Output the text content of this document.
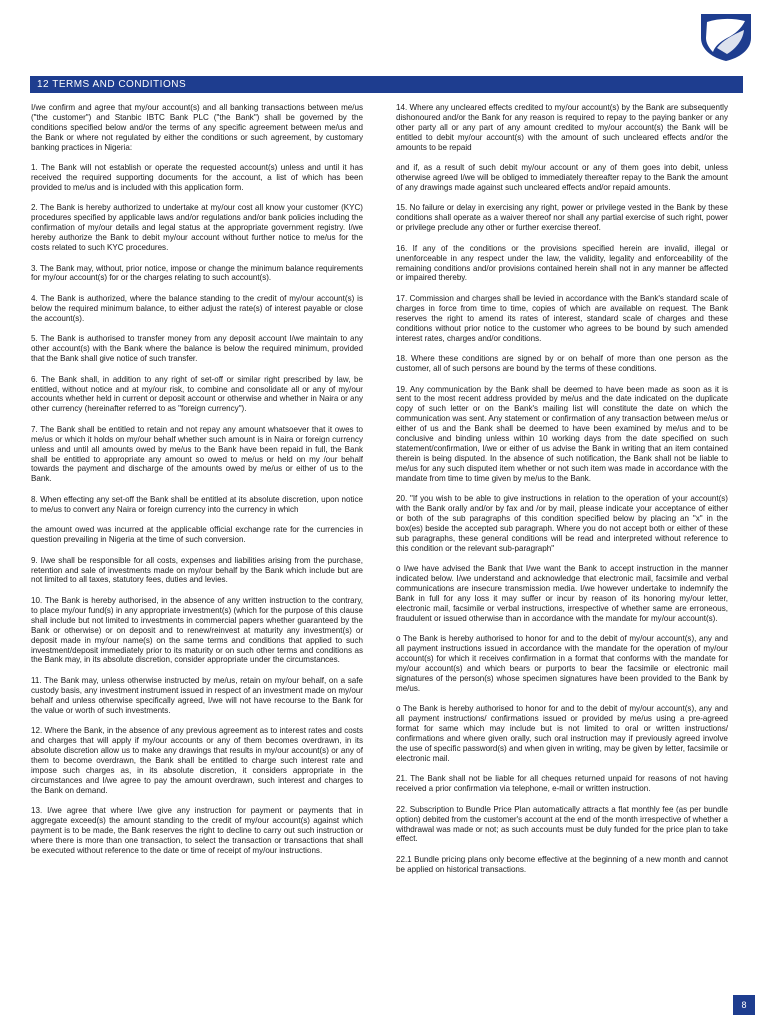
12 TERMS AND CONDITIONS

I/we confirm and agree that my/our account(s) and all banking transactions between me/us ("the customer") and Stanbic IBTC Bank PLC ("the Bank") shall be governed by the conditions specified below and/or the terms of any specific agreement between me/us and the Bank or where not regulated by either the conditions or such agreement, by customary banking practices in Nigeria:

1. The Bank will not establish or operate the requested account(s) unless and until it has received the required supporting documents for the account, a list of which has been provided to me/us and is included with this application form.

2. The Bank is hereby authorized to undertake at my/our cost all know your customer (KYC) procedures specified by applicable laws and/or regulations and/or bank policies including the confirmation of my/our details and legal status at the appropriate government registry. I/we hereby authorize the Bank to debit my/our account without further notice to me/us for the costs related to such KYC procedures.

3. The Bank may, without, prior notice, impose or change the minimum balance requirements for my/our account(s) for or the charges relating to such account(s).

4. The Bank is authorized, where the balance standing to the credit of my/our account(s) is below the required minimum balance, to either adjust the rate(s) of interest payable or close the account(s).

5. The Bank is authorised to transfer money from any deposit account I/we maintain to any other account(s) with the Bank where the balance is below the required minimum, provided that the Bank shall give notice of such transfer.

6. The Bank shall, in addition to any right of set-off or similar right prescribed by law, be entitled, without notice and at my/our risk, to combine and consolidate all or any of my/our accounts whether held in current or deposit account or otherwise and whether in Naira or any other currency (hereinafter referred to as "foreign currency").

7. The Bank shall be entitled to retain and not repay any amount whatsoever that it owes to me/us or which it holds on my/our behalf whether such amount is in Naira or foreign currency unless and until all amounts owed by me/us to the Bank have been repaid in full, the Bank shall be entitled to appropriate any amount so owed to me/us or held on my /our behalf towards the payment and discharge of the amounts owed by me/us or either of us to the Bank.

8. When effecting any set-off the Bank shall be entitled at its absolute discretion, upon notice to me/us to convert any Naira or foreign currency into the currency in which

the amount owed was incurred at the applicable official exchange rate for the currencies in question prevailing in Nigeria at the time of such conversion.

9. I/we shall be responsible for all costs, expenses and liabilities arising from the purchase, retention and sale of investments made on my/our behalf by the Bank which include but are not limited to all taxes, statutory fees, duties and levies.

10. The Bank is hereby authorised, in the absence of any written instruction to the contrary, to place my/our fund(s) in any appropriate investment(s) (which for the purpose of this clause shall include but not limited to investments in commercial papers whether guaranteed by the Bank or otherwise) or on deposit and to renew/reinvest at maturity any investment(s) or deposit made in my/our name(s) on the same terms and conditions that applied to such investment/deposit immediately prior to its maturity or on such other terms and conditions as the Bank may, in its absolute discretion, consider appropriate under the circumstances.

11. The Bank may, unless otherwise instructed by me/us, retain on my/our behalf, on a safe custody basis, any investment instrument issued in respect of an investment made on my/our behalf and unless otherwise specifically agreed, I/we will not have recourse to the Bank for the value or worth of such investments.

12. Where the Bank, in the absence of any previous agreement as to interest rates and costs and charges that will apply if my/our accounts or any of them becomes overdrawn, in its absolute discretion allow us to make any drawings that results in my/our account(s) or any of them to become overdrawn, the Bank shall be entitled to charge such interest rate and impose such charges as, in its absolute discretion, it considers appropriate in the circumstances and I/we agree to pay the amount overdrawn, such interest and charges to the Bank on demand.

13. I/we agree that where I/we give any instruction for payment or payments that in aggregate exceed(s) the amount standing to the credit of my/our account(s) against which payment is to be made, the Bank reserves the right to decline to carry out such instruction or where there is more than one transaction, to select the transaction or transactions that shall be executed without reference to the date or time of receipt of my/our instructions.

14. Where any uncleared effects credited to my/our account(s) by the Bank are subsequently dishonoured and/or the Bank for any reason is required to repay to the paying banker or any other party all or any part of any amount credited to my/our account(s) the Bank will be entitled to debit my/our account(s) with the amount of such uncleared effects and/or the amounts to be repaid

and if, as a result of such debit my/our account or any of them goes into debit, unless otherwise agreed I/we will be obliged to immediately thereafter repay to the Bank the amount of any drawings made against such uncleared effects and/or repaid amounts.

15. No failure or delay in exercising any right, power or privilege vested in the Bank by these conditions shall operate as a waiver thereof nor shall any partial exercise of such right, power or privilege preclude any other or further exercise thereof.

16. If any of the conditions or the provisions specified herein are invalid, illegal or unenforceable in any respect under the law, the validity, legality and enforceability of the remaining conditions and/or provisions contained herein shall not in any manner be affected or impaired thereby.

17. Commission and charges shall be levied in accordance with the Bank's standard scale of charges in force from time to time, copies of which are available on request. The Bank reserves the right to amend its rates of interest, standard scale of charges and these conditions without prior notice to the customer who agrees to be bound by such amended interest rates, charges and/or conditions.

18. Where these conditions are signed by or on behalf of more than one person as the customer, all of such persons are bound by the terms of these conditions.

19. Any communication by the Bank shall be deemed to have been made as soon as it is sent to the most recent address provided by me/us and the date indicated on the duplicate copy of such letter or on the Bank's mailing list will constitute the date on which the communication was sent. Any statement or confirmation of any transaction between me/us or either of us and the Bank shall be deemed to have been examined by me/us and to be conclusive and binding unless within 10 working days from the date specified on such statement/confirmation, I/we or either of us advise the Bank in writing that an item contained therein is being disputed. In the absence of such notification, the Bank shall not be liable to me/us for any such disputed item whether or not such item was made in accordance with the mandate from time to time given by me/us to the Bank.

20. "If you wish to be able to give instructions in relation to the operation of your account(s) with the Bank orally and/or by fax and /or by mail, please indicate your acceptance of either or both of the sub paragraphs of this condition specified below by placing an "x" in the box(es) beside the accepted sub paragraph. Where you do not accept both or either of these sub paragraphs, these general conditions will be read and interpreted without reference to this condition or the relevant sub-paragraph"

o I/we have advised the Bank that I/we want the Bank to accept instruction in the manner indicated below. I/we understand and acknowledge that electronic mail, facsimile and verbal communications are insecure transmission media. I/we however undertake to indemnify the Bank in full for any loss it may suffer or incur by reason of its honoring my/our letter, electronic mail, facsimile or verbal instructions, irrespective of whether same are erroneous, fraudulent or issued otherwise than in accordance with the mandate for my/our account(s).

o The Bank is hereby authorised to honor for and to the debit of my/our account(s), any and all payment instructions issued in accordance with the mandate for the operation of my/our account(s) for which it receives confirmation in a format that conforms with the mandate for my/our account(s) and which bears or purports to bear the facsimile or electronic mail signatures of the person(s) whose specimen signatures have been provided to the Bank by me/us.

o The Bank is hereby authorised to honor for and to the debit of my/our account(s), any and all payment instructions/ confirmations issued or provided by me/us using a pre-agreed format for same which may include but is not limited to oral or written instructions/ confirmations and where given orally, such oral instruction may if previously agreed involve the use of specific password(s) and when given in writing, may be given by letter, facsimile or electronic mail.

21. The Bank shall not be liable for all cheques returned unpaid for reasons of not having received a prior confirmation via telephone, e-mail or written instruction.

22. Subscription to Bundle Price Plan automatically attracts a flat monthly fee (as per bundle option) debited from the customer's account at the end of the month irrespective of whether a withdrawal was made or not; as such accounts must be duly funded for the price plan to take effect.

22.1 Bundle pricing plans only become effective at the beginning of a new month and cannot be applied on historical transactions.

8
